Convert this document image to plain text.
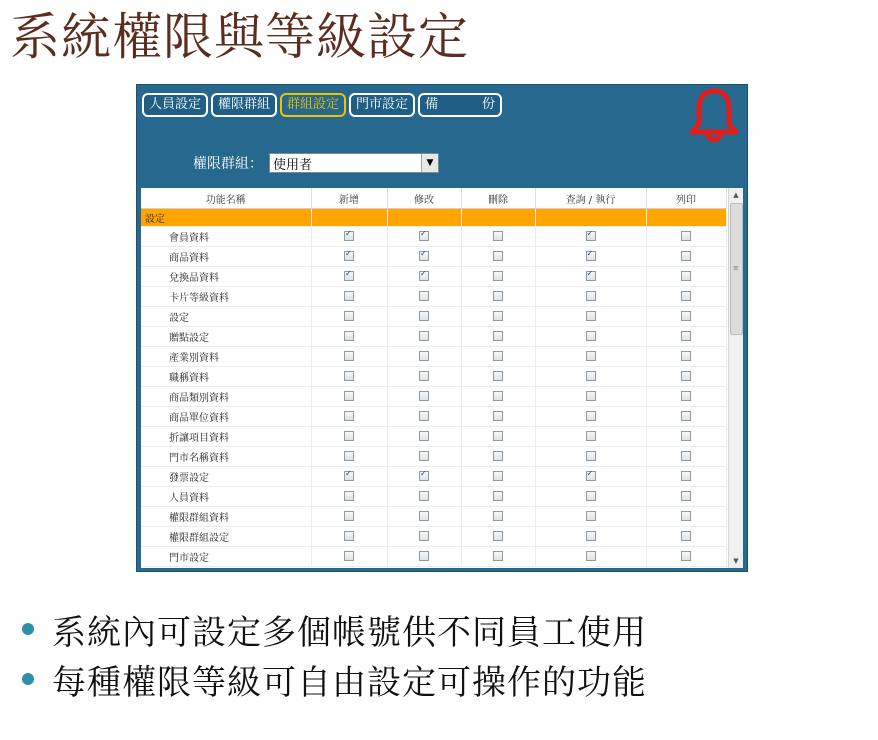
系統權限與等級設定
人員設定	權限群組	群組設定	門市設定	備	份
權限群組： 使用者	▼
功能名稱	新增	修改	刪除	查詢 / 執行	列印
設定					
會員資料	✓	✓		✓	
商品資料	✓	✓		✓	
兌換品資料	✓	✓		✓	
卡片等級資料					
設定					
贈點設定					
產業別資料					
職稱資料					
商品類別資料					
商品單位資料					
折讓項目資料					
門市名稱資料					
發票設定	✓	✓		✓	
人員資料					
權限群組資料					
權限群組設定					
門市設定					
▲
≡
▼
系統內可設定多個帳號供不同員工使用
每種權限等級可自由設定可操作的功能
